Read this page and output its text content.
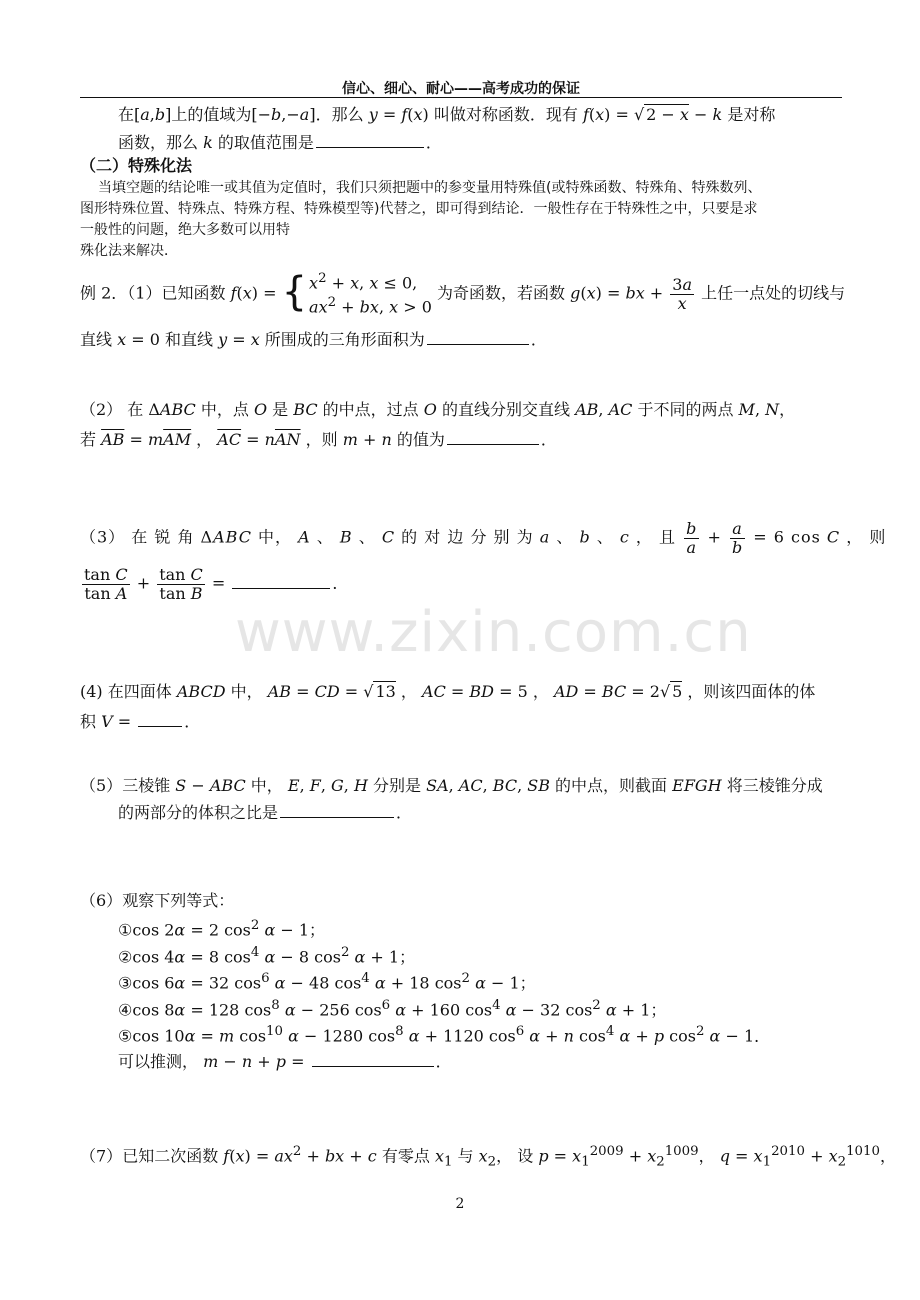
信心、细心、耐心——高考成功的保证
在[a,b]上的值域为[−b,−a]．那么 y = f(x) 叫做对称函数．现有 f(x) = √ 2 − x − k 是对称
函数，那么 k 的取值范围是	．
（二）特殊化法
当填空题的结论唯一或其值为定值时，我们只须把题中的参变量用特殊值(或特殊函数、特殊角、特殊数列、
图形特殊位置、特殊点、特殊方程、特殊模型等)代替之，即可得到结论．一般性存在于特殊性之中，只要是求
一般性的问题，绝大多数可以用特
殊化法来解决．
例 2．（1）已知函数 f(x) = { $x^2 + x$, x ≤ 0,
$ax^2$ + bx, x > 0
为奇函数，若函数 g(x) = bx + $\frac{3a}{x}$ 上任一点处的切线与
直线 x = 0 和直线 y = x 所围成的三角形面积为	．
（2） 在 ΔABC 中，点 O 是 BC 的中点，过点 O 的直线分别交直线 AB, AC 于不同的两点 M, N，
若 $\overline{AB} = m\overline{AM}$ ， $\overline{AC} = n\overline{AN}$ ，则 m + n 的值为	．
（3） 在 锐 角 ΔABC 中， A 、 B 、 C 的 对 边 分 别 为 a 、 b 、 c ， 且 $\frac{b}{a} + \frac{a}{b} = 6$ cos C ， 则
$\frac{\text{tan C}}{\text{tan A}} + \frac{\text{tan C}}{\text{tan B}}$ =	．
www.zixin.com.cn
(4) 在四面体 ABCD 中， AB = CD = √ 13 ， AC = BD = 5 ， AD = BC = 2√ 5 ，则该四面体的体
积 V =	．
（5）三棱锥 S − ABC 中， E, F, G, H 分别是 SA, AC, BC, SB 的中点，则截面 EFGH 将三棱锥分成
的两部分的体积之比是	．
（6）观察下列等式：
①cos 2α = 2 $\cos^2 \alpha - 1$；
②cos 4α = 8 $\cos^4 \alpha - 8$ $\cos^2 \alpha + 1$；
③cos 6α = 32 $\cos^6 \alpha - 48$ $\cos^4 \alpha + 18$ $\cos^2 \alpha - 1$；
④cos 8α = 128 $\cos^8 \alpha - 256$ $\cos^6 \alpha + 160$ $\cos^4 \alpha - 32$ $\cos^2 \alpha + 1$；
⑤cos 10α = m $\cos^{10} \alpha - 1280$ $\cos^8 \alpha + 1120$ $\cos^6 \alpha + n$ $\cos^4 \alpha + p$ $\cos^2 \alpha - 1$．
可以推测， m − n + p =	．
（7）已知二次函数 $f(x) = ax^2$ + bx + c 有零点 $x_1$ 与 $x_2$， 设 $p = x_1^{2009} + x_2^{1009}$， $q = x_1^{2010} + x_2^{1010}$，
2
